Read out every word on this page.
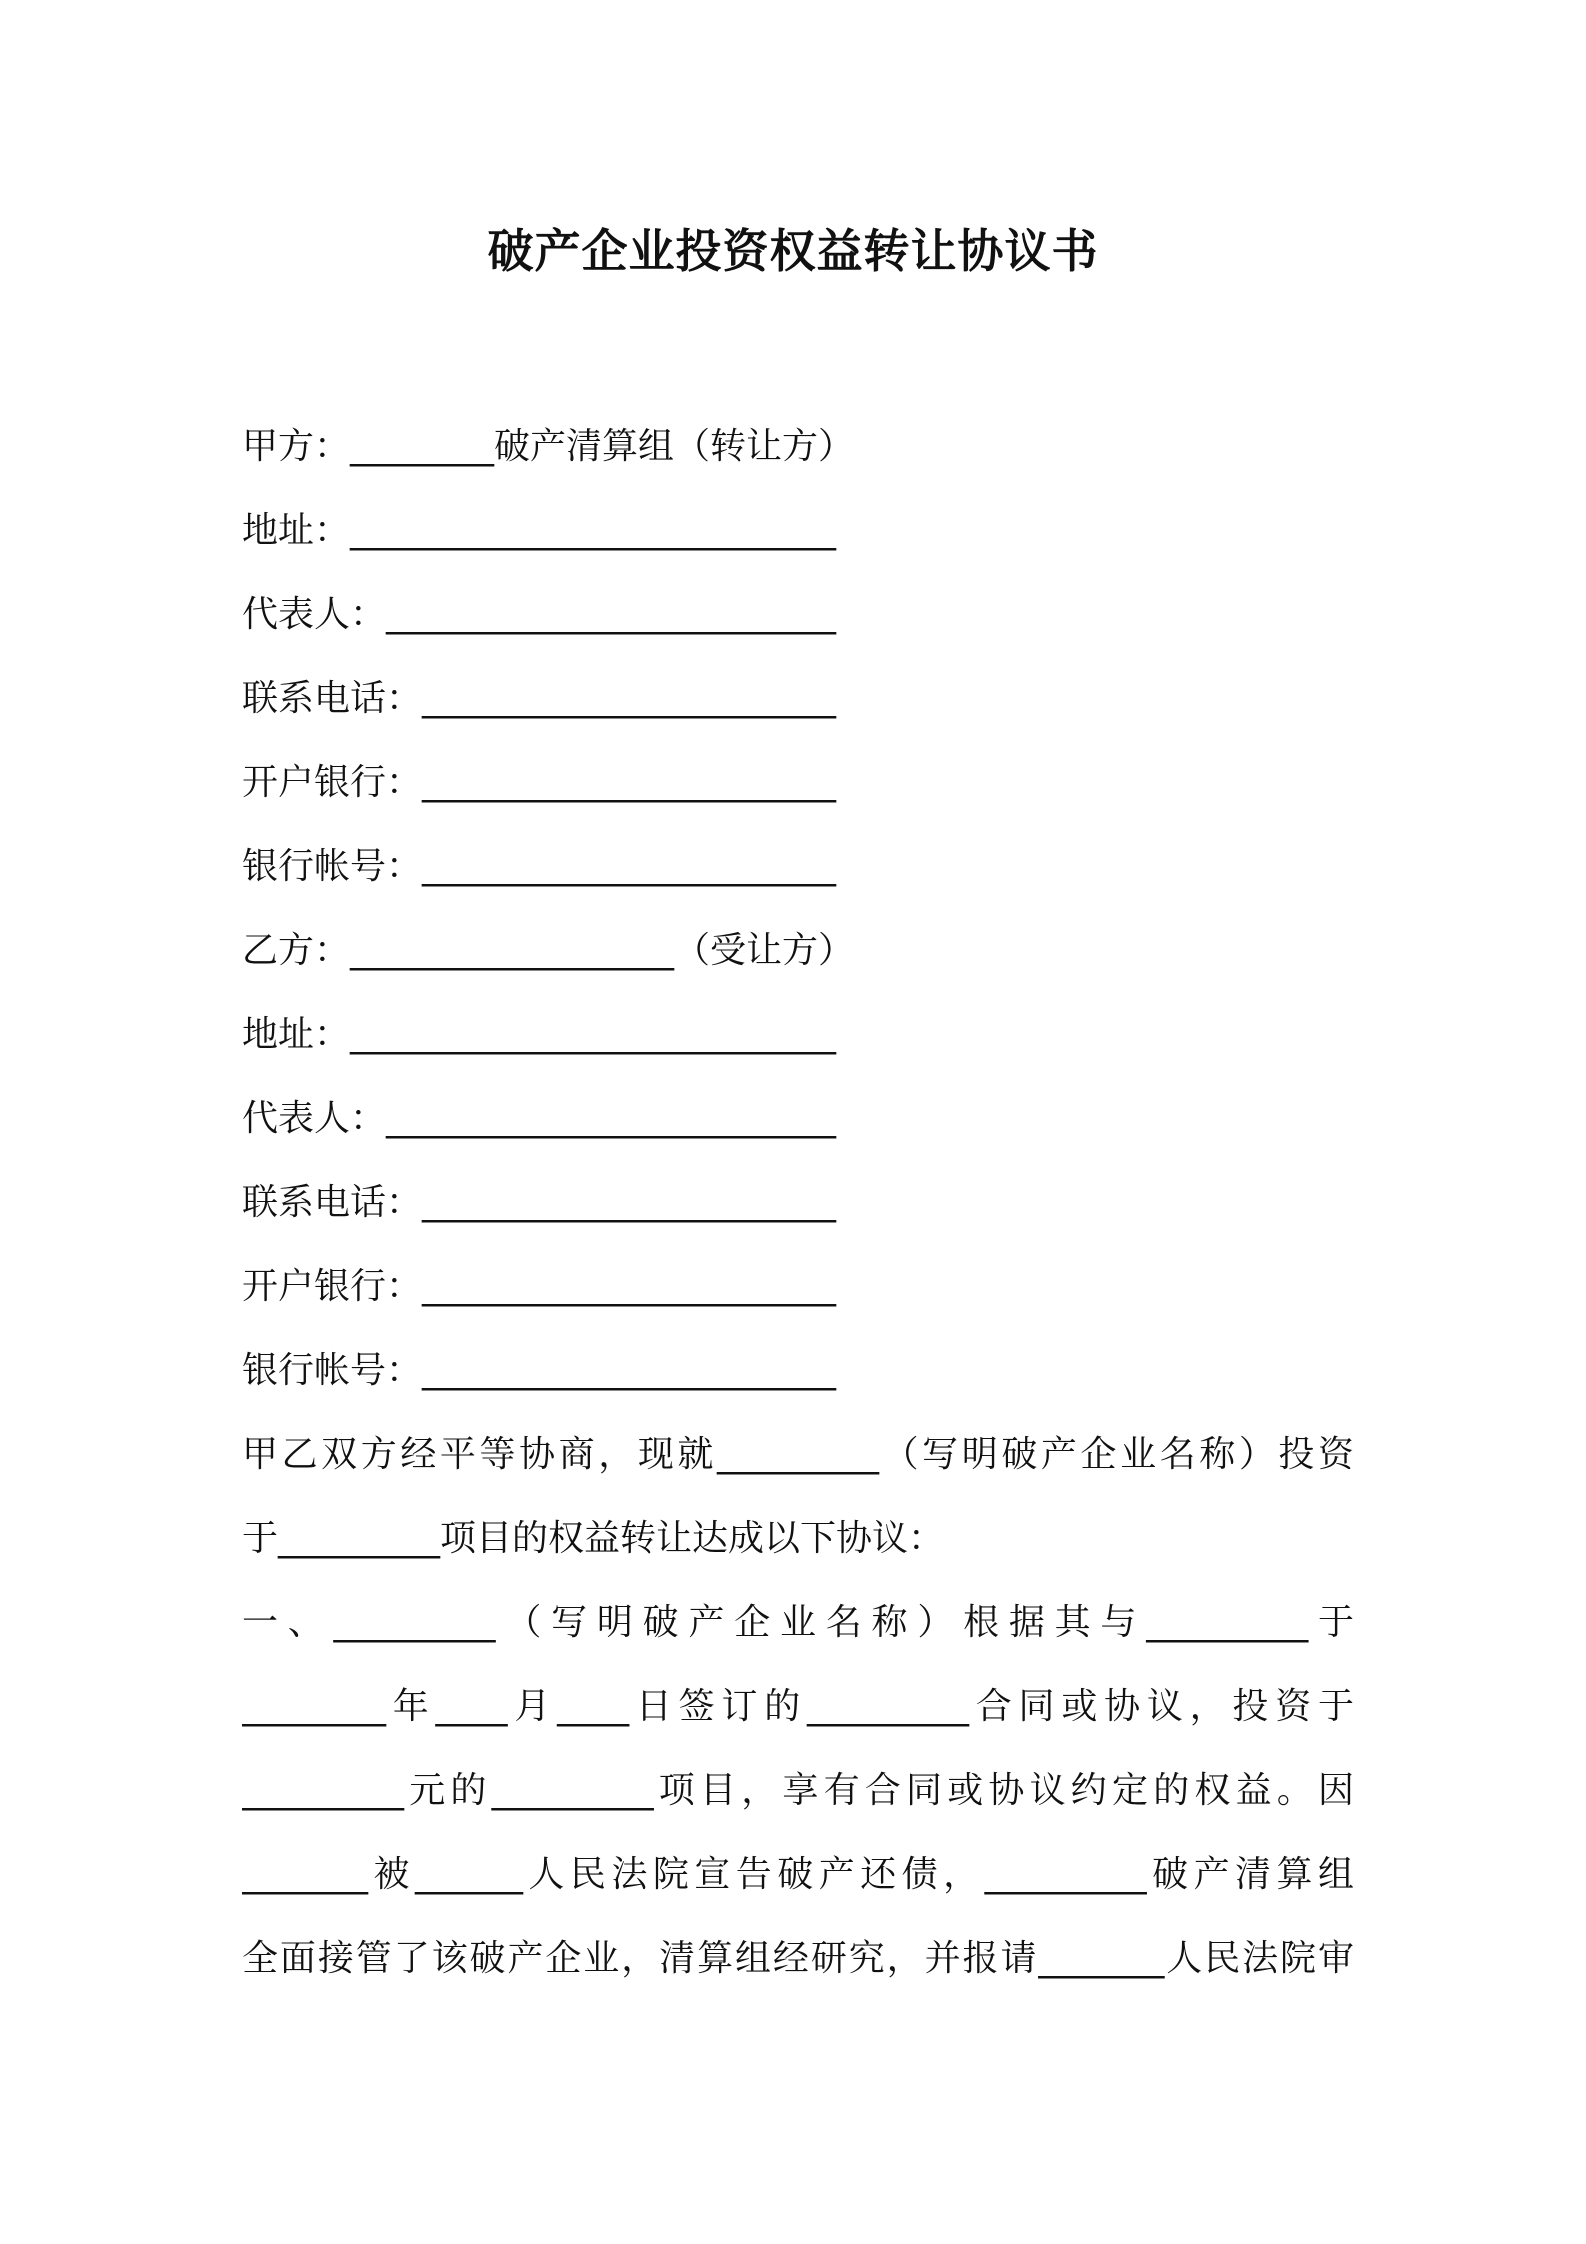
破产企业投资权益转让协议书
甲方：________破产清算组（转让方）
地址：___________________________
代表人：_________________________
联系电话：_______________________
开户银行：_______________________
银行帐号：_______________________
乙方：__________________（受让方）
地址：___________________________
代表人：_________________________
联系电话：_______________________
开户银行：_______________________
银行帐号：_______________________
甲乙双方经平等协商，现就_________（写明破产企业名称）投资
于_________项目的权益转让达成以下协议：
一、_________（写明破产企业名称）根据其与_________于
________年____月____日签订的_________合同或协议，投资于
_________元的_________项目，享有合同或协议约定的权益。因
_______被______人民法院宣告破产还债，_________破产清算组
全面接管了该破产企业，清算组经研究，并报请_______人民法院审
